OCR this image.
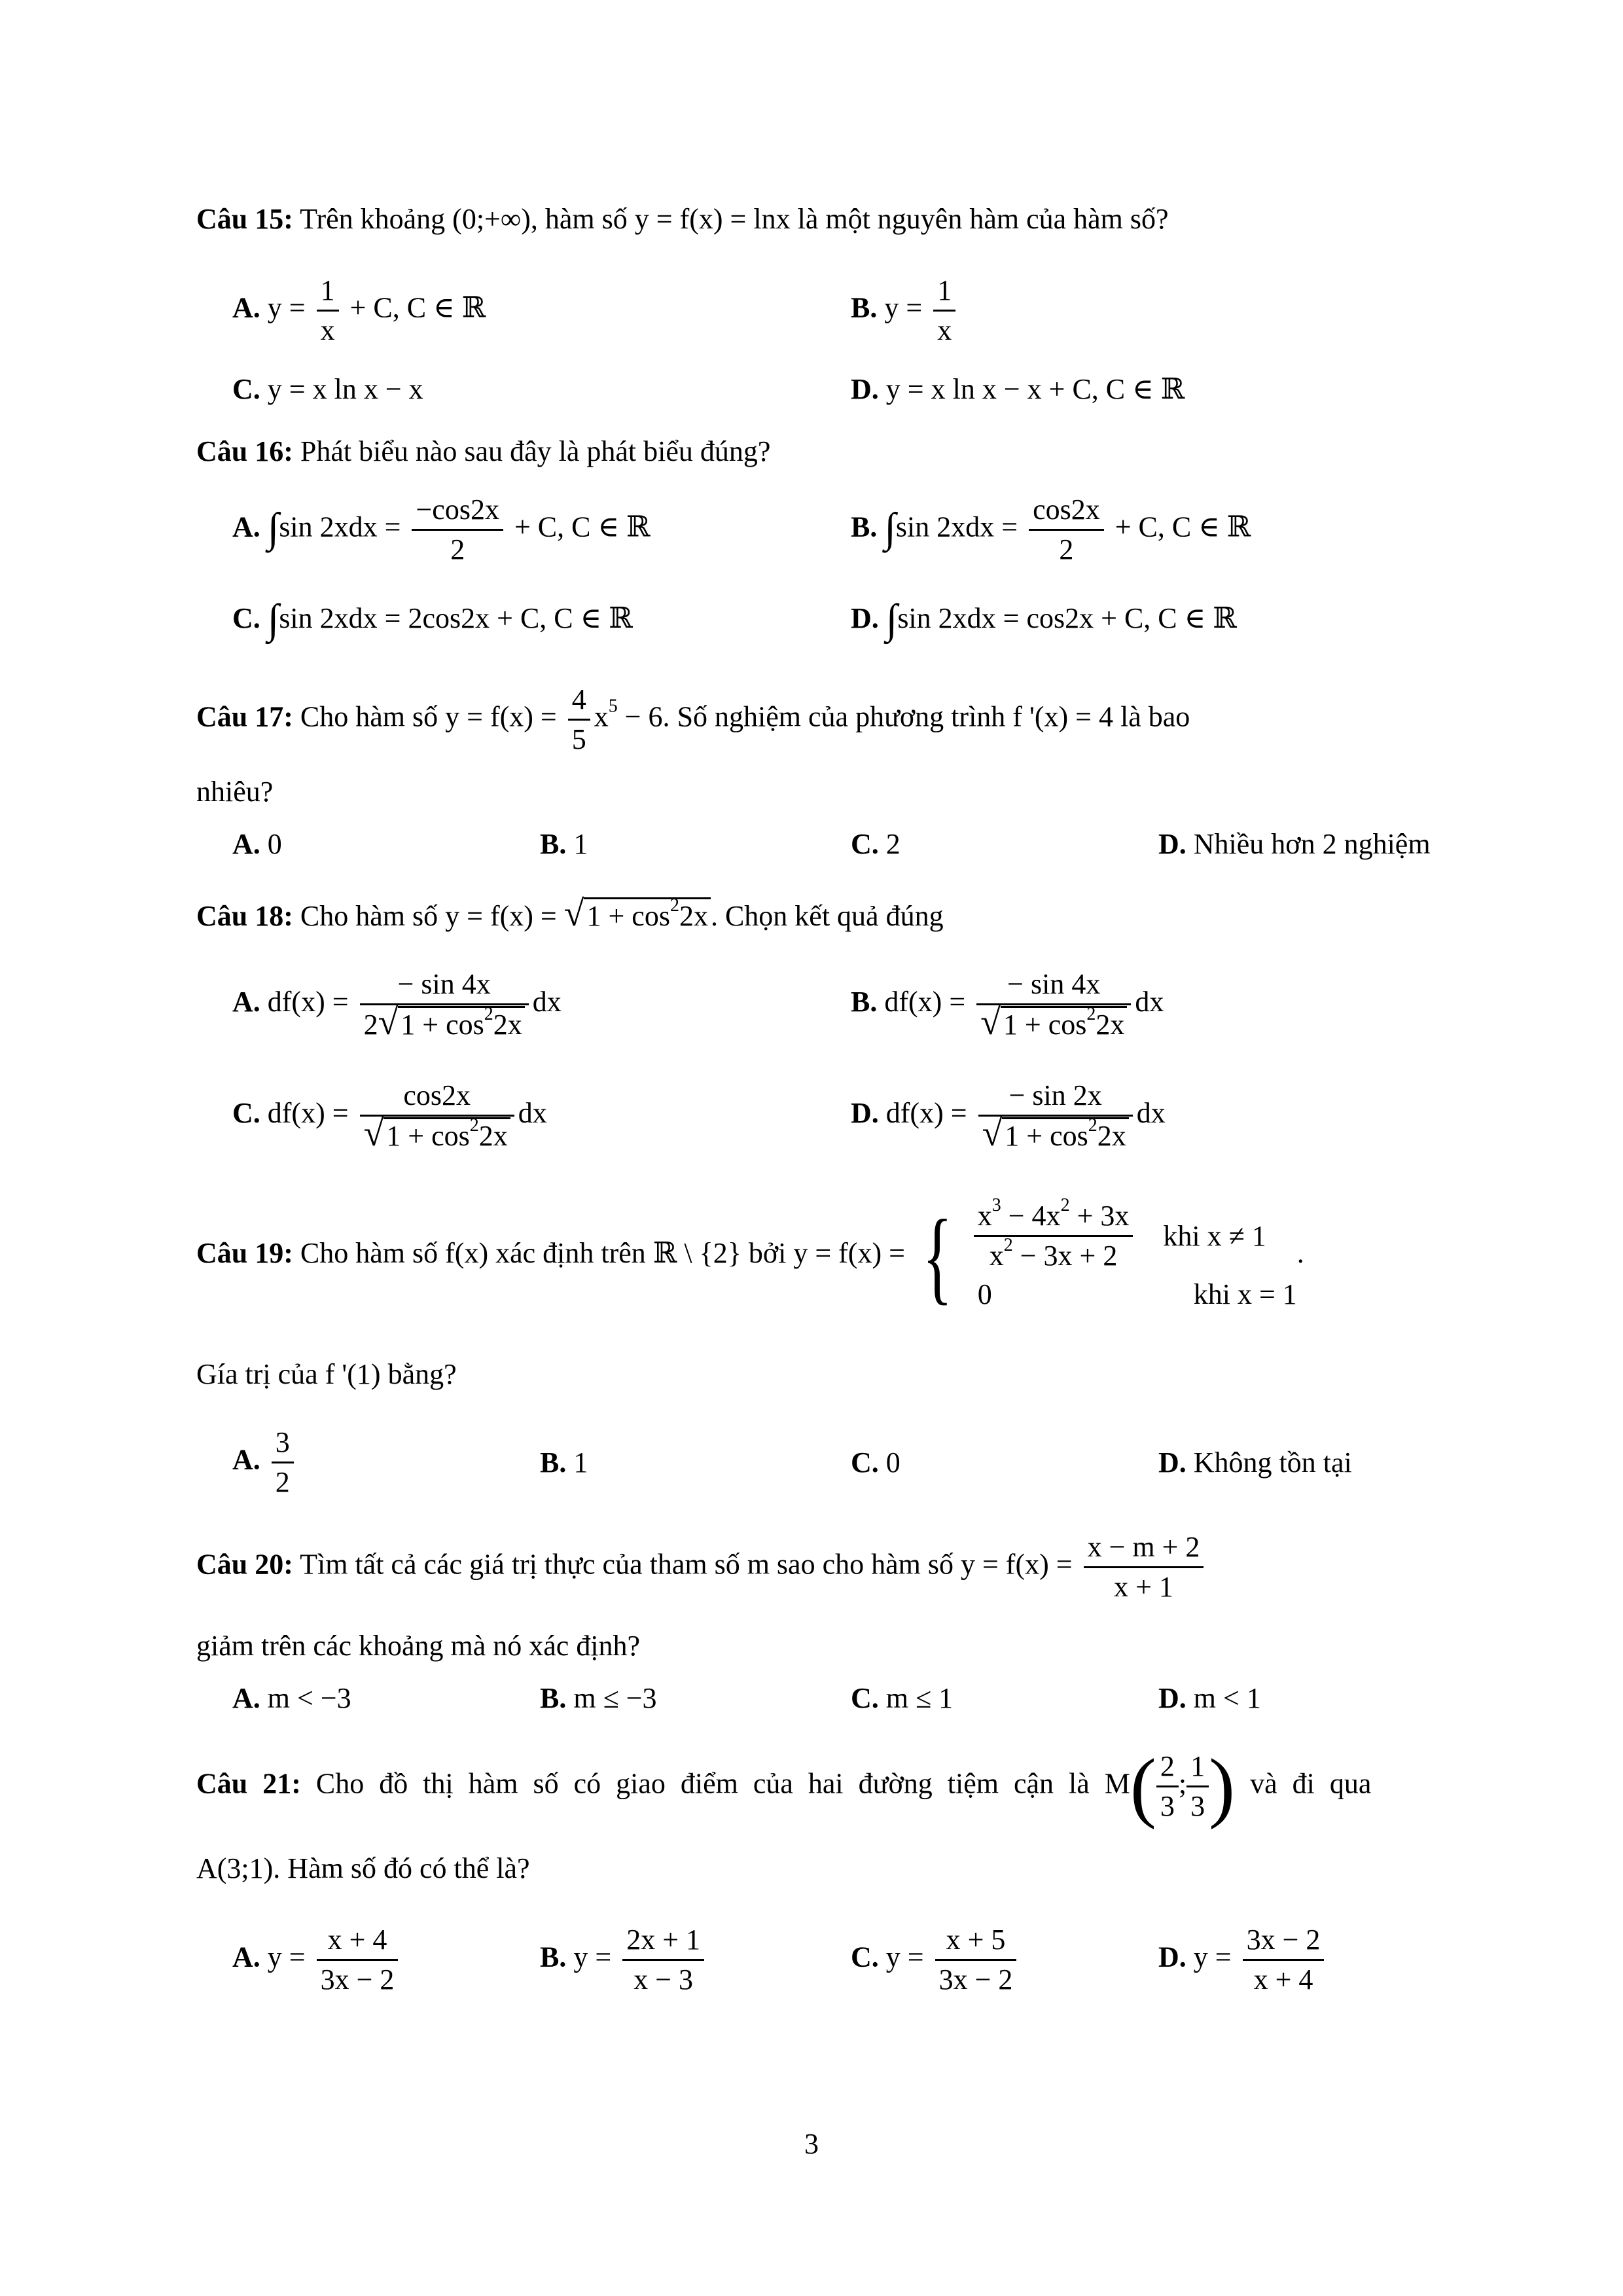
Câu 15: Trên khoảng (0;+∞), hàm số y = f(x) = lnx là một nguyên hàm của hàm số?
A. $y = \frac{1}{x} + C$, C ∈ ℝ	B. $y = \frac{1}{x}$
C. y = x ln x − x	D. y = x ln x − x + C, C ∈ ℝ
Câu 16: Phát biểu nào sau đây là phát biểu đúng?
A. ∫sin $2xdx = \frac{-\cos 2x}{2} + C$, C ∈ ℝ	B. ∫sin $2xdx = \frac{\cos 2x}{2} + C$, C ∈ ℝ
C. ∫sin 2xdx = 2cos2x + C, C ∈ ℝ	D. ∫sin 2xdx = cos2x + C, C ∈ ℝ
Câu 17: Cho hàm số $y = f(x) = \frac{4}{5} x^5 - 6$. Số nghiệm của phương trình f '(x) = 4 là bao
nhiêu?
A. 0	B. 1	C. 2	D. Nhiều hơn 2 nghiệm
Câu 18: Cho hàm số $y = f(x) = √1 + \cos^22x$. Chọn kết quả đúng
A. $df(x) = \frac{- \sin 4x}{2√1 + \cos^22x}$ dx	B. $df(x) = \frac{- \sin 4x}{√1 + \cos^22x}$ dx
C. $df(x) = \frac{\cos 2x}{√1 + \cos^22x}$ dx	D. $df(x) = \frac{- \sin 2x}{√1 + \cos^22x}$ dx
Câu 19: Cho hàm số f(x) xác định trên ℝ \ {2} bởi y = f(x) = { $\frac{x^3 - 4x^2 + 3x}{x^2 - 3x + 2}$ khi x ≠ 1
0	khi x = 1
.
Gía trị của f '(1) bằng?
A. $\frac{3}{2}$	B. 1	C. 0	D. Không tồn tại
Câu 20: Tìm tất cả các giá trị thực của tham số m sao cho hàm số $y = f(x) = \frac{x - m + 2}{x + 1}$
giảm trên các khoảng mà nó xác định?
A. m < −3	B. m ≤ −3	C. m ≤ 1	D. m < 1
Câu 21: Cho đồ thị hàm số có giao điểm của hai đường tiệm cận là $M( \frac{2}{3}$ ; $\frac{1}{3}$ ) và đi qua
A(3;1). Hàm số đó có thể là?
A. $y = \frac{x + 4}{3x - 2}$	B. $y = \frac{2x + 1}{x - 3}$	C. $y = \frac{x + 5}{3x - 2}$	D. $y = \frac{3x - 2}{x + 4}$
3
